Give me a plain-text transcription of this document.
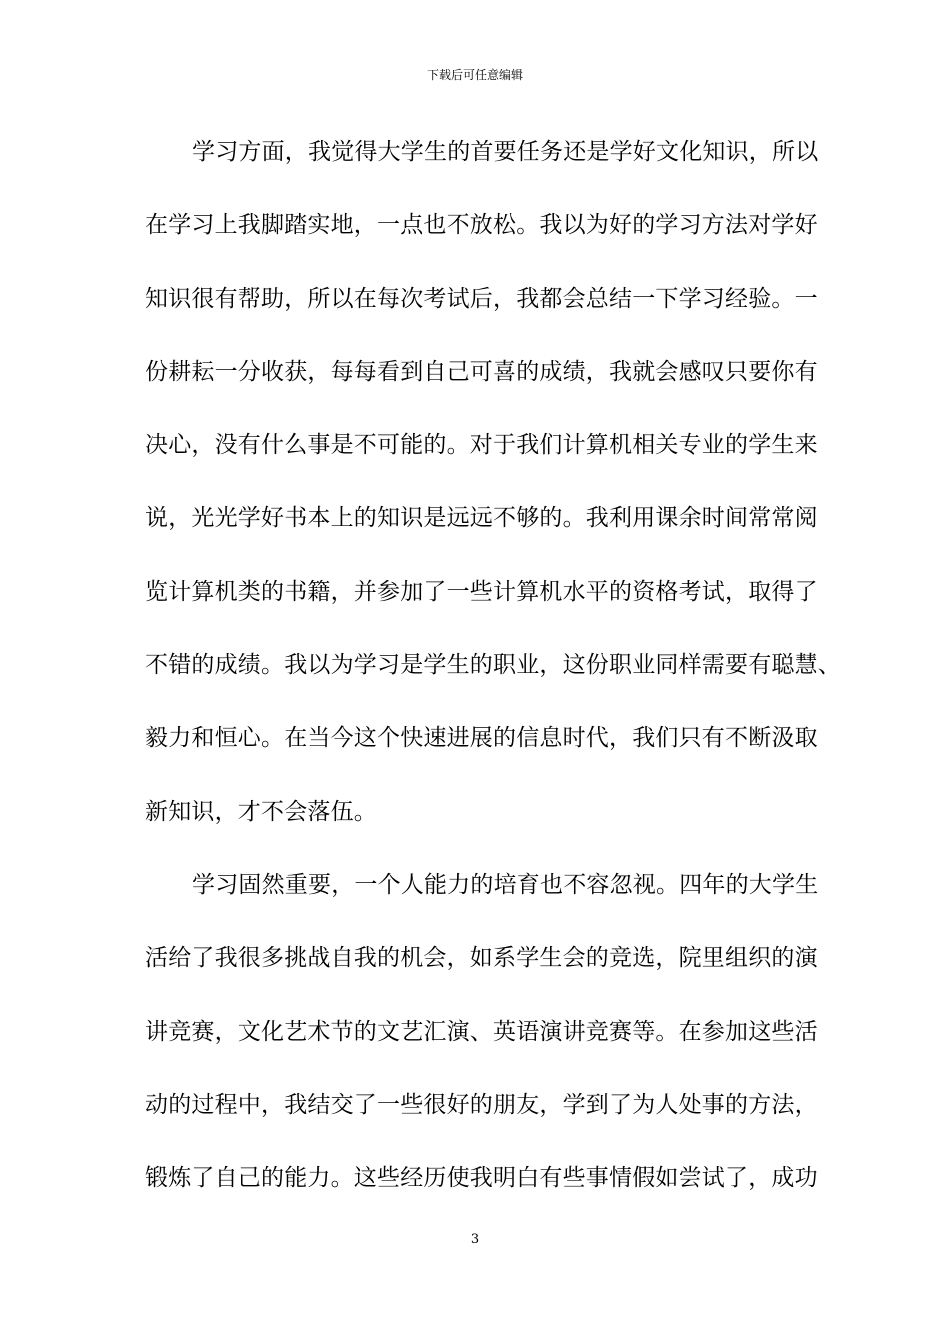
下载后可任意编辑
学习方面，我觉得大学生的首要任务还是学好文化知识，所以
在学习上我脚踏实地，一点也不放松。我以为好的学习方法对学好
知识很有帮助，所以在每次考试后，我都会总结一下学习经验。一
份耕耘一分收获，每每看到自己可喜的成绩，我就会感叹只要你有
决心，没有什么事是不可能的。对于我们计算机相关专业的学生来
说，光光学好书本上的知识是远远不够的。我利用课余时间常常阅
览计算机类的书籍，并参加了一些计算机水平的资格考试，取得了
不错的成绩。我以为学习是学生的职业，这份职业同样需要有聪慧、
毅力和恒心。在当今这个快速进展的信息时代，我们只有不断汲取
新知识，才不会落伍。
学习固然重要，一个人能力的培育也不容忽视。四年的大学生
活给了我很多挑战自我的机会，如系学生会的竞选，院里组织的演
讲竞赛，文化艺术节的文艺汇演、英语演讲竞赛等。在参加这些活
动的过程中，我结交了一些很好的朋友，学到了为人处事的方法，
锻炼了自己的能力。这些经历使我明白有些事情假如尝试了，成功
3
